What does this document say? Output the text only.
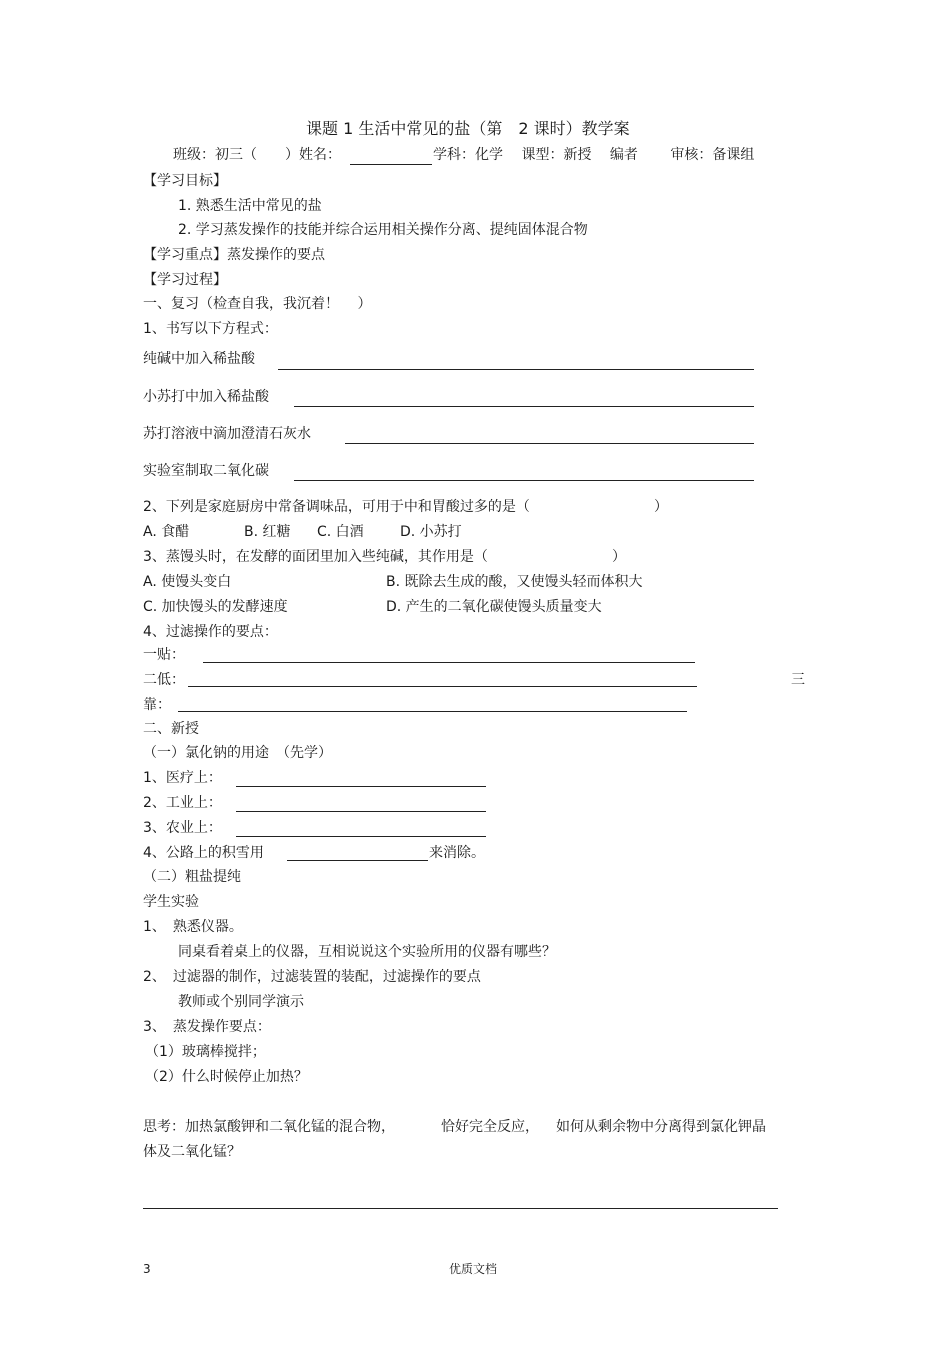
课题 1 生活中常见的盐（第　2 课时）教学案
班级：初三（　　）姓名：	学科：化学　 课型：新授　 编者　　 审核：备课组
【学习目标】
1. 熟悉生活中常见的盐
2. 学习蒸发操作的技能并综合运用相关操作分离、提纯固体混合物
【学习重点】蒸发操作的要点
【学习过程】
一、复习（检查自我，我沉着！　 ）
1、书写以下方程式：
纯碱中加入稀盐酸
小苏打中加入稀盐酸
苏打溶液中滴加澄清石灰水
实验室制取二氧化碳
2、下列是家庭厨房中常备调味品，可用于中和胃酸过多的是（	）
A. 食醋	B. 红糖 C. 白酒	D. 小苏打
3、蒸馒头时，在发酵的面团里加入些纯碱，其作用是（	）
A. 使馒头变白	B. 既除去生成的酸，又使馒头轻而体积大
C. 加快馒头的发酵速度	D. 产生的二氧化碳使馒头质量变大
4、过滤操作的要点：
一贴：
二低：	三
靠：
二、新授
（一）氯化钠的用途　（先学）
1、医疗上：
2、工业上：
3、农业上：
4、公路上的积雪用	来消除。
（二）粗盐提纯
学生实验
1、　熟悉仪器。
同桌看着桌上的仪器，互相说说这个实验所用的仪器有哪些？
2、　过滤器的制作，过滤装置的装配，过滤操作的要点
教师或个别同学演示
3、　蒸发操作要点：
（1）玻璃棒搅拌；
（2）什么时候停止加热？
思考：加热氯酸钾和二氧化锰的混合物，	恰好完全反应， 如何从剩余物中分离得到氯化钾晶
体及二氧化锰？
3	优质文档
